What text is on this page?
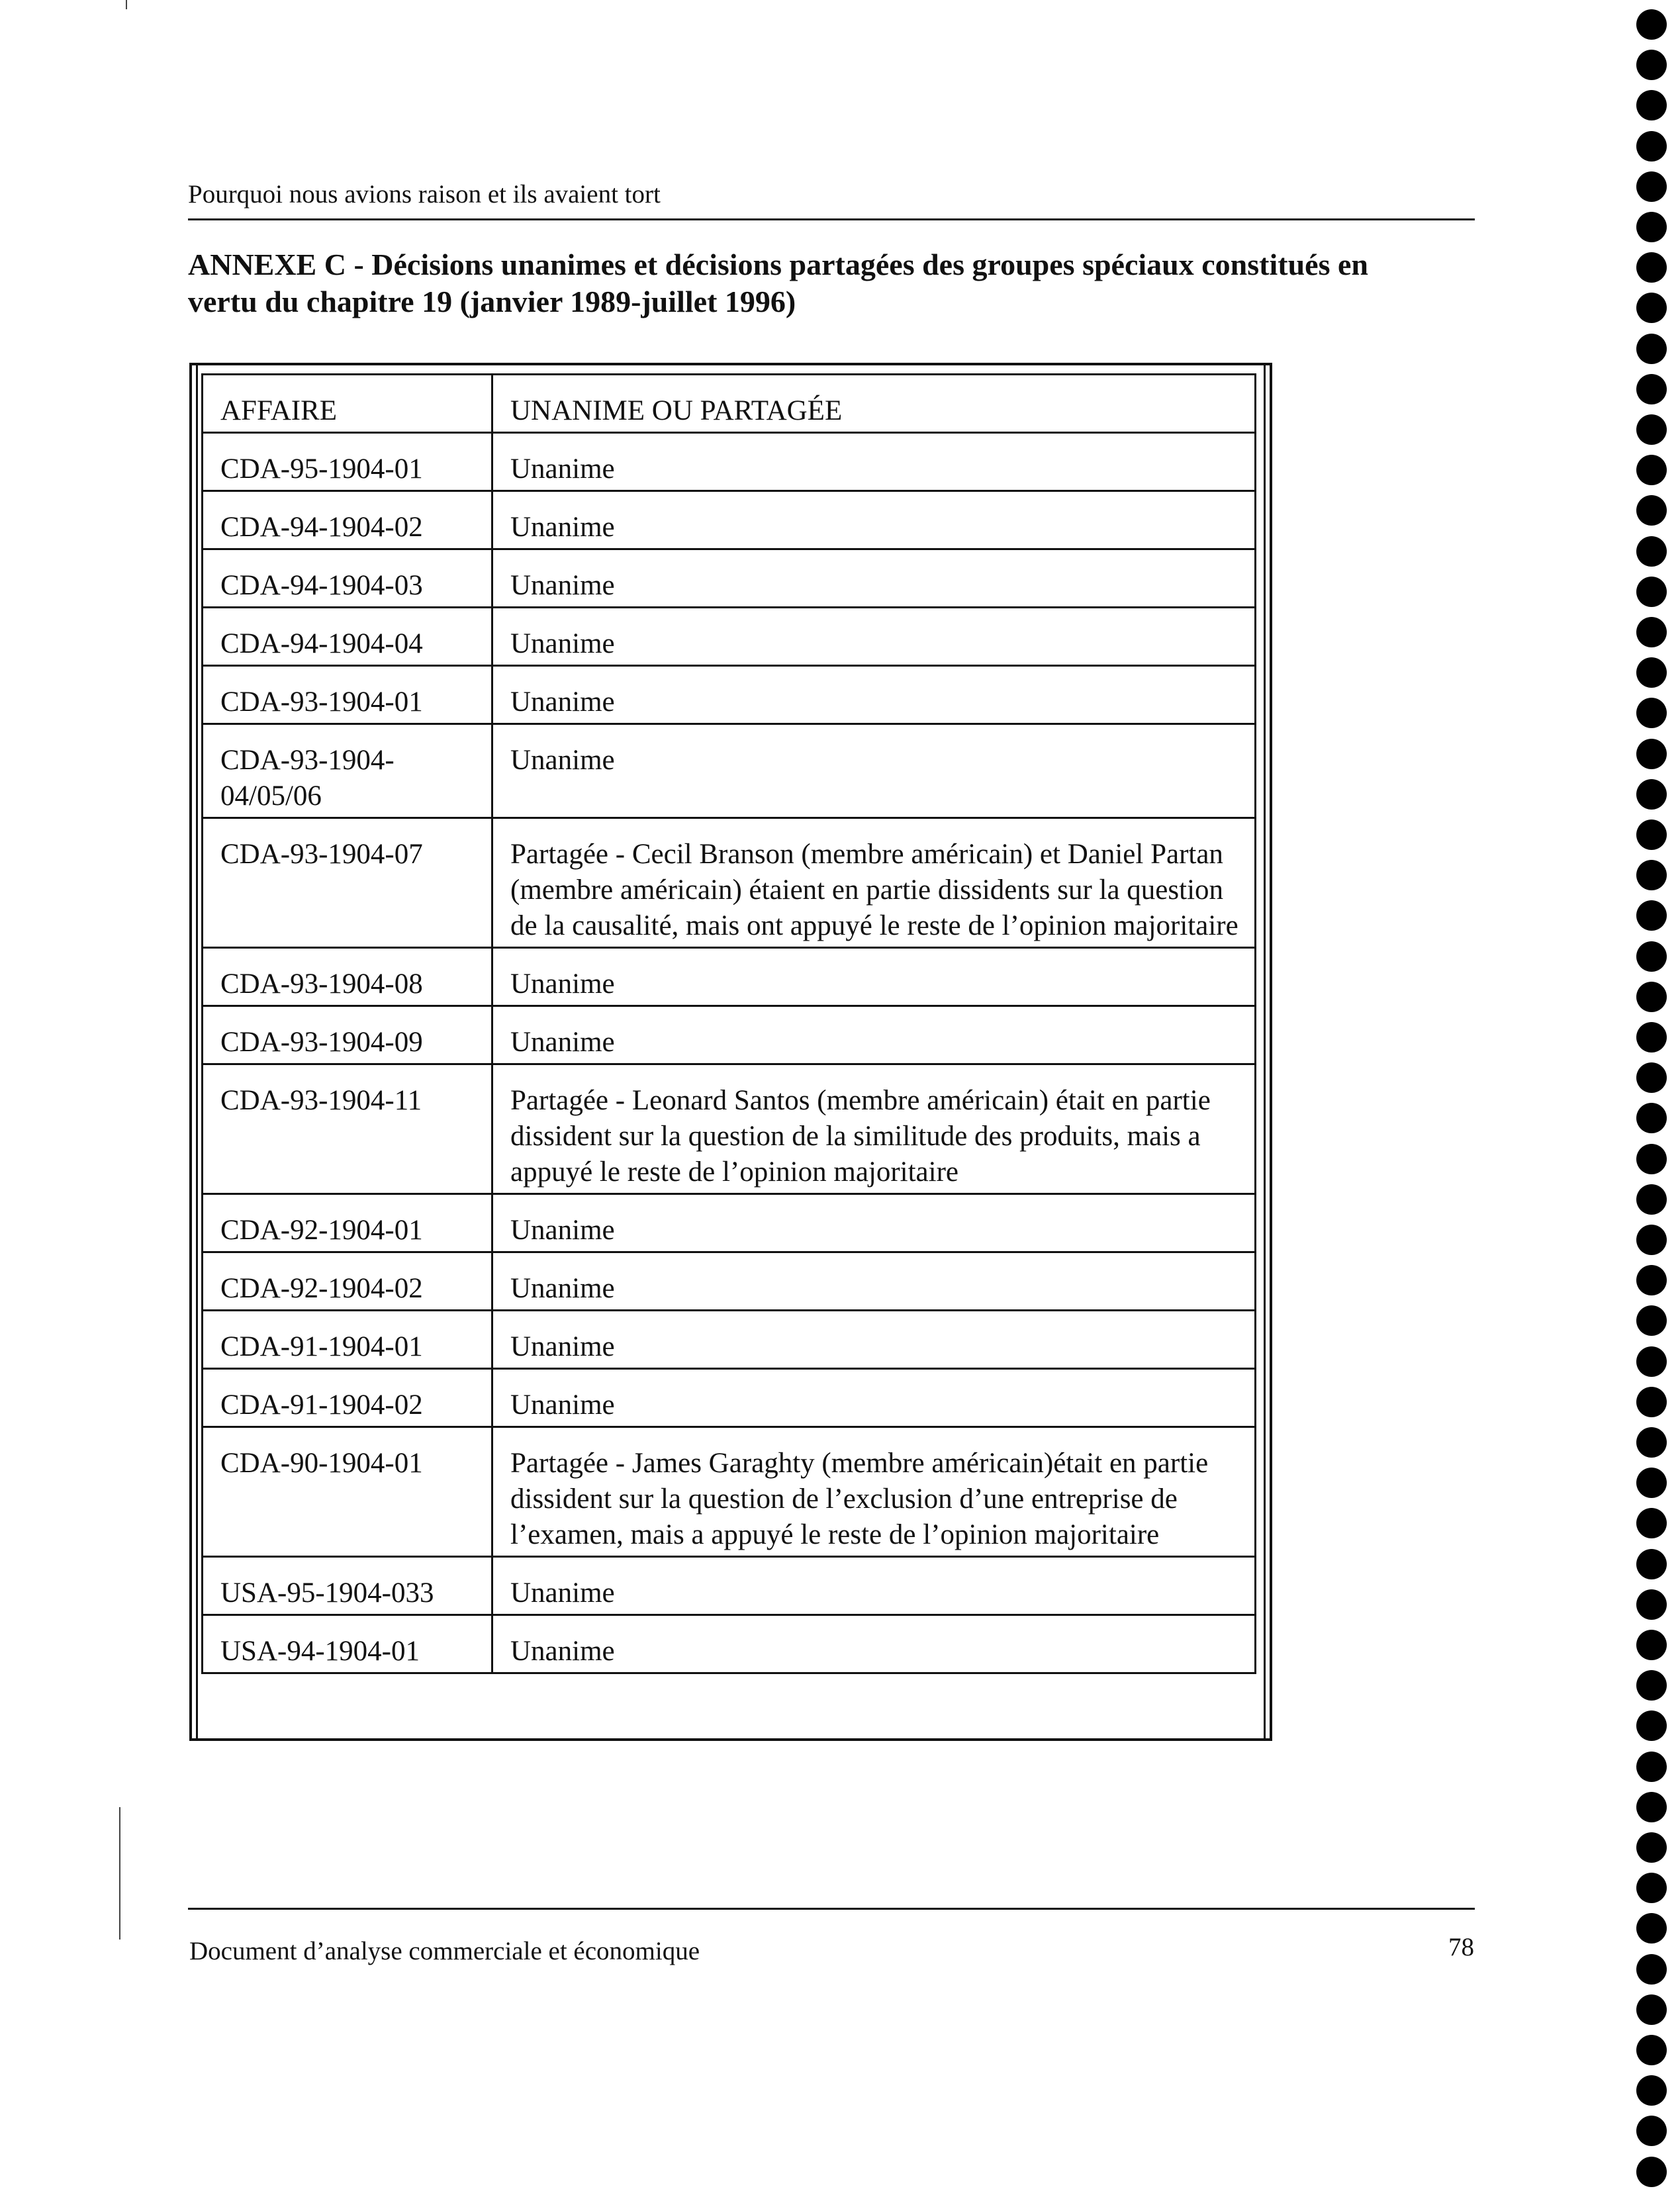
Pourquoi nous avions raison et ils avaient tort
ANNEXE C - Décisions unanimes et décisions partagées des groupes spéciaux constitués en vertu du chapitre 19 (janvier 1989-juillet 1996)
AFFAIRE	UNANIME OU PARTAGÉE
CDA-95-1904-01	Unanime
CDA-94-1904-02	Unanime
CDA-94-1904-03	Unanime
CDA-94-1904-04	Unanime
CDA-93-1904-01	Unanime
CDA-93-1904-04/05/06	Unanime
CDA-93-1904-07	Partagée - Cecil Branson (membre américain) et Daniel Partan (membre américain) étaient en partie dissidents sur la question de la causalité, mais ont appuyé le reste de l’opinion majoritaire
CDA-93-1904-08	Unanime
CDA-93-1904-09	Unanime
CDA-93-1904-11	Partagée - Leonard Santos (membre américain) était en partie dissident sur la question de la similitude des produits, mais a appuyé le reste de l’opinion majoritaire
CDA-92-1904-01	Unanime
CDA-92-1904-02	Unanime
CDA-91-1904-01	Unanime
CDA-91-1904-02	Unanime
CDA-90-1904-01	Partagée - James Garaghty (membre américain)était en partie dissident sur la question de l’exclusion d’une entreprise de l’examen, mais a appuyé le reste de l’opinion majoritaire
USA-95-1904-033	Unanime
USA-94-1904-01	Unanime
Document d’analyse commerciale et économique	78
